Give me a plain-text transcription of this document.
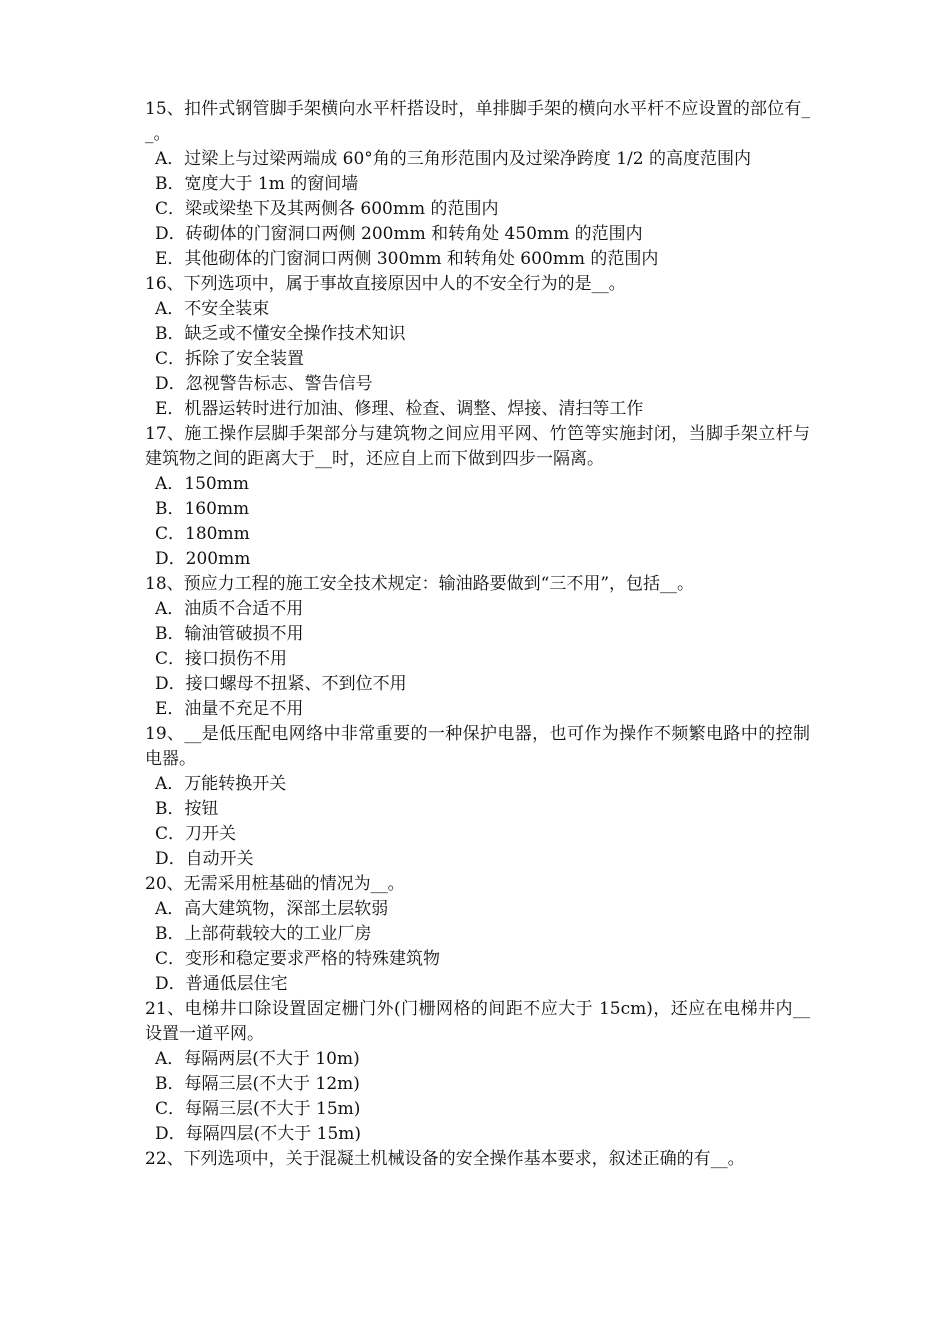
15、扣件式钢管脚手架横向水平杆搭设时，单排脚手架的横向水平杆不应设置的部位有__。
A．过梁上与过梁两端成 60°角的三角形范围内及过梁净跨度 1/2 的高度范围内
B．宽度大于 1m 的窗间墙
C．梁或梁垫下及其两侧各 600mm 的范围内
D．砖砌体的门窗洞口两侧 200mm 和转角处 450mm 的范围内
E．其他砌体的门窗洞口两侧 300mm 和转角处 600mm 的范围内
16、下列选项中，属于事故直接原因中人的不安全行为的是__。
A．不安全装束
B．缺乏或不懂安全操作技术知识
C．拆除了安全装置
D．忽视警告标志、警告信号
E．机器运转时进行加油、修理、检查、调整、焊接、清扫等工作
17、施工操作层脚手架部分与建筑物之间应用平网、竹笆等实施封闭，当脚手架立杆与建筑物之间的距离大于__时，还应自上而下做到四步一隔离。
A．150mm
B．160mm
C．180mm
D．200mm
18、预应力工程的施工安全技术规定：输油路要做到“三不用”，包括__。
A．油质不合适不用
B．输油管破损不用
C．接口损伤不用
D．接口螺母不扭紧、不到位不用
E．油量不充足不用
19、__是低压配电网络中非常重要的一种保护电器，也可作为操作不频繁电路中的控制电器。
A．万能转换开关
B．按钮
C．刀开关
D．自动开关
20、无需采用桩基础的情况为__。
A．高大建筑物，深部土层软弱
B．上部荷载较大的工业厂房
C．变形和稳定要求严格的特殊建筑物
D．普通低层住宅
21、电梯井口除设置固定栅门外(门栅网格的间距不应大于 15cm)，还应在电梯井内__设置一道平网。
A．每隔两层(不大于 10m)
B．每隔三层(不大于 12m)
C．每隔三层(不大于 15m)
D．每隔四层(不大于 15m)
22、下列选项中，关于混凝土机械设备的安全操作基本要求，叙述正确的有__。
